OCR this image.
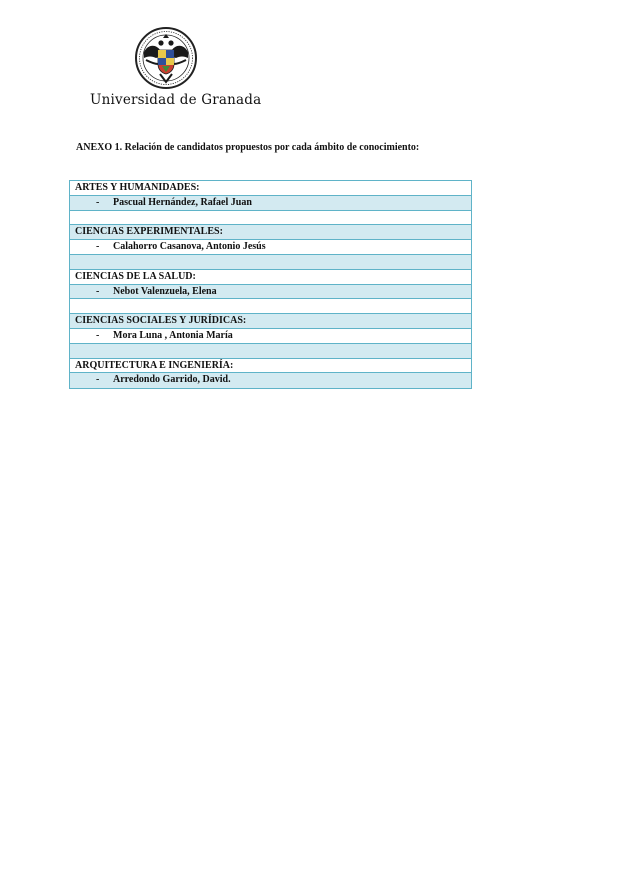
Universidad de Granada
ANEXO 1. Relación de candidatos propuestos por cada ámbito de conocimiento:
ARTES Y HUMANIDADES:
- Pascual Hernández, Rafael Juan
CIENCIAS EXPERIMENTALES:
- Calahorro Casanova, Antonio Jesús
CIENCIAS DE LA SALUD:
- Nebot Valenzuela, Elena
CIENCIAS SOCIALES Y JURÍDICAS:
- Mora Luna , Antonia María
ARQUITECTURA E INGENIERÍA:
- Arredondo Garrido, David.
